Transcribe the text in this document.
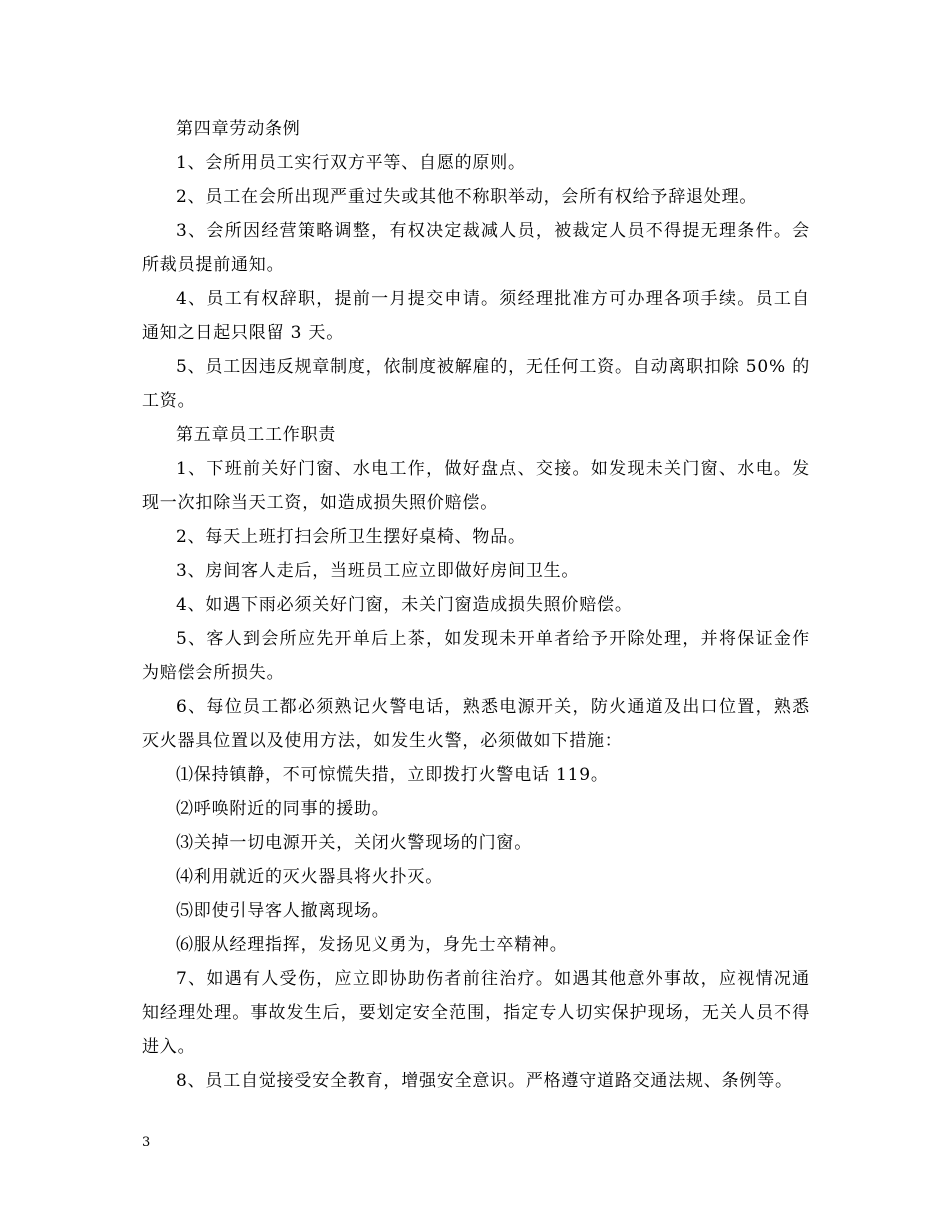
第四章劳动条例

1、会所用员工实行双方平等、自愿的原则。

2、员工在会所出现严重过失或其他不称职举动，会所有权给予辞退处理。

3、会所因经营策略调整，有权决定裁减人员，被裁定人员不得提无理条件。会所裁员提前通知。

4、员工有权辞职，提前一月提交申请。须经理批准方可办理各项手续。员工自通知之日起只限留 3 天。

5、员工因违反规章制度，依制度被解雇的，无任何工资。自动离职扣除 50% 的工资。

第五章员工工作职责

1、下班前关好门窗、水电工作，做好盘点、交接。如发现未关门窗、水电。发现一次扣除当天工资，如造成损失照价赔偿。

2、每天上班打扫会所卫生摆好桌椅、物品。

3、房间客人走后，当班员工应立即做好房间卫生。

4、如遇下雨必须关好门窗，未关门窗造成损失照价赔偿。

5、客人到会所应先开单后上茶，如发现未开单者给予开除处理，并将保证金作为赔偿会所损失。

6、每位员工都必须熟记火警电话，熟悉电源开关，防火通道及出口位置，熟悉灭火器具位置以及使用方法，如发生火警，必须做如下措施：

⑴保持镇静，不可惊慌失措，立即拨打火警电话 119。

⑵呼唤附近的同事的援助。

⑶关掉一切电源开关，关闭火警现场的门窗。

⑷利用就近的灭火器具将火扑灭。

⑸即使引导客人撤离现场。

⑹服从经理指挥，发扬见义勇为，身先士卒精神。

7、如遇有人受伤，应立即协助伤者前往治疗。如遇其他意外事故，应视情况通知经理处理。事故发生后，要划定安全范围，指定专人切实保护现场，无关人员不得进入。

8、员工自觉接受安全教育，增强安全意识。严格遵守道路交通法规、条例等。

3
